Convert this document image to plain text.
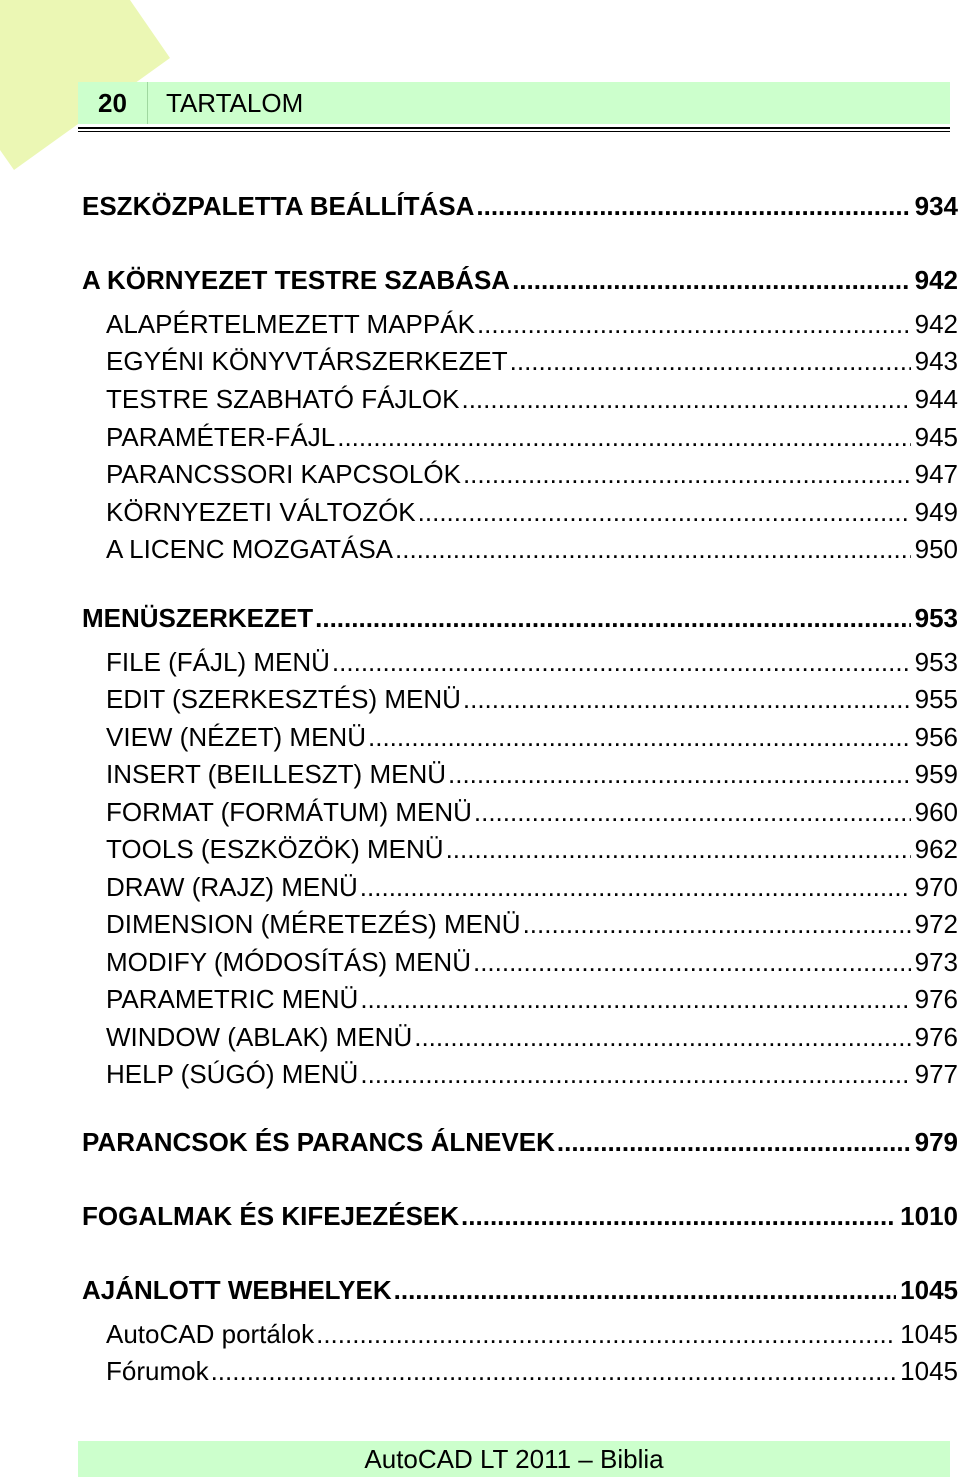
20	TARTALOM
ESZKÖZPALETTA BEÁLLÍTÁSA .....	934
A KÖRNYEZET TESTRE SZABÁSA .....	942
ALAPÉRTELMEZETT MAPPÁK .....	942
EGYÉNI KÖNYVTÁRSZERKEZET .....	943
TESTRE SZABHATÓ FÁJLOK .....	944
PARAMÉTER-FÁJL .....	945
PARANCSSORI KAPCSOLÓK .....	947
KÖRNYEZETI VÁLTOZÓK .....	949
A LICENC MOZGATÁSA .....	950
MENÜSZERKEZET .....	953
FILE (FÁJL) MENÜ .....	953
EDIT (SZERKESZTÉS) MENÜ .....	955
VIEW (NÉZET) MENÜ .....	956
INSERT (BEILLESZT) MENÜ .....	959
FORMAT (FORMÁTUM) MENÜ .....	960
TOOLS (ESZKÖZÖK) MENÜ .....	962
DRAW (RAJZ) MENÜ .....	970
DIMENSION (MÉRETEZÉS) MENÜ .....	972
MODIFY (MÓDOSÍTÁS) MENÜ .....	973
PARAMETRIC MENÜ .....	976
WINDOW (ABLAK) MENÜ .....	976
HELP (SÚGÓ) MENÜ .....	977
PARANCSOK ÉS PARANCS ÁLNEVEK .....	979
FOGALMAK ÉS KIFEJEZÉSEK .....	1010
AJÁNLOTT WEBHELYEK .....	1045
AutoCAD portálok .....	1045
Fórumok .....	1045
AutoCAD LT 2011 – Biblia
